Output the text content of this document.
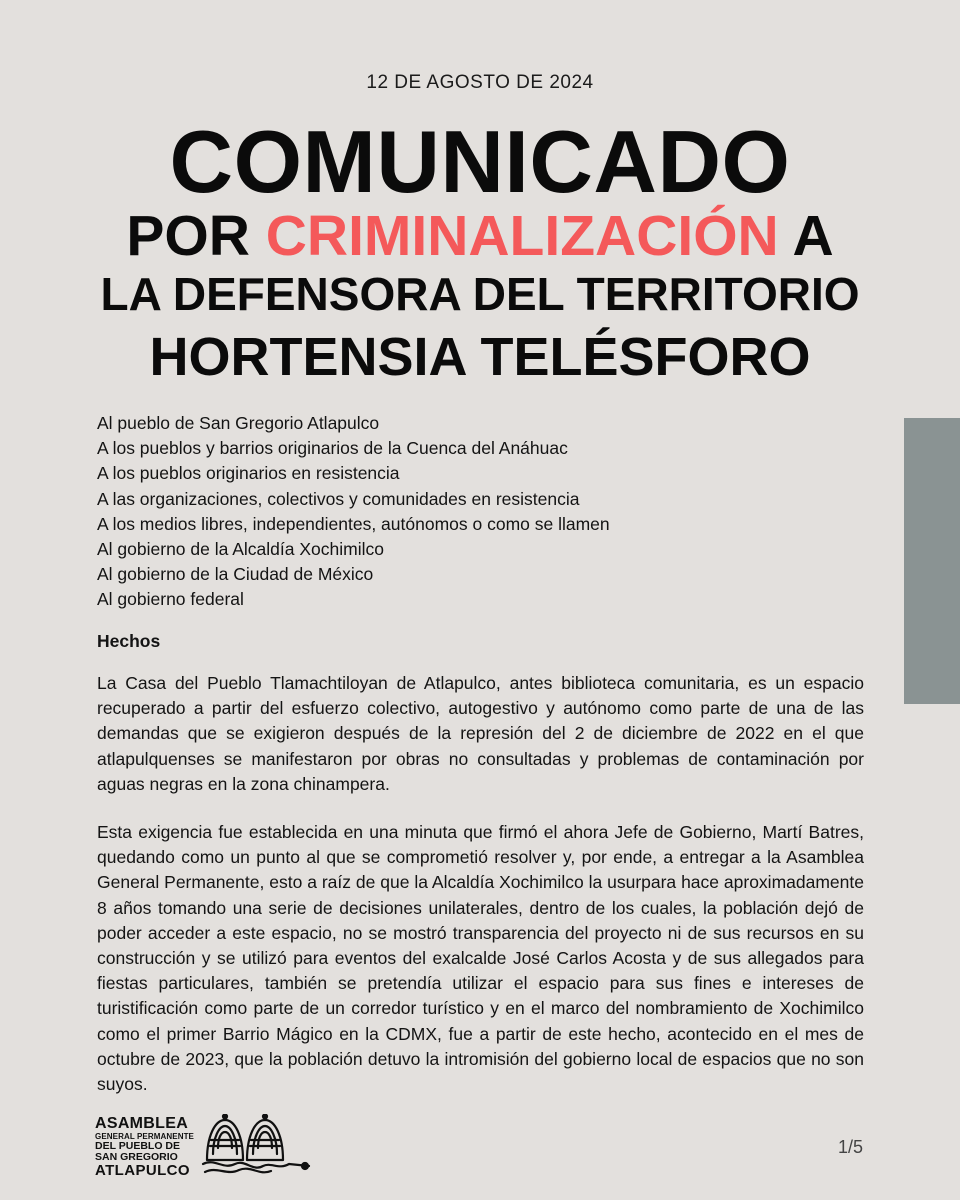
12 DE AGOSTO DE 2024
COMUNICADO
POR CRIMINALIZACIÓN A
LA DEFENSORA DEL TERRITORIO
HORTENSIA TELÉSFORO
Al pueblo de San Gregorio Atlapulco
A los pueblos y barrios originarios de la Cuenca del Anáhuac
A los pueblos originarios en resistencia
A las organizaciones, colectivos y comunidades en resistencia
A los medios libres, independientes, autónomos o como se llamen
Al gobierno de la Alcaldía Xochimilco
Al gobierno de la Ciudad de México
Al gobierno federal
Hechos

La Casa del Pueblo Tlamachtiloyan de Atlapulco, antes biblioteca comunitaria, es un espacio recuperado a partir del esfuerzo colectivo, autogestivo y autónomo como parte de una de las demandas que se exigieron después de la represión del 2 de diciembre de 2022 en el que atlapulquenses se manifestaron por obras no consultadas y problemas de contaminación por aguas negras en la zona chinampera.

Esta exigencia fue establecida en una minuta que firmó el ahora Jefe de Gobierno, Martí Batres, quedando como un punto al que se comprometió resolver y, por ende, a entregar a la Asamblea General Permanente, esto a raíz de que la Alcaldía Xochimilco la usurpara hace aproximadamente 8 años tomando una serie de decisiones unilaterales, dentro de los cuales, la población dejó de poder acceder a este espacio, no se mostró transparencia del proyecto ni de sus recursos en su construcción y se utilizó para eventos del exalcalde José Carlos Acosta y de sus allegados para fiestas particulares, también se pretendía utilizar el espacio para sus fines e intereses de turistificación como parte de un corredor turístico y en el marco del nombramiento de Xochimilco como el primer Barrio Mágico en la CDMX, fue a partir de este hecho, acontecido en el mes de octubre de 2023, que la población detuvo la intromisión del gobierno local de espacios que no son suyos.

ASAMBLEA
GENERAL PERMANENTE
DEL PUEBLO DE
SAN GREGORIO
ATLAPULCO
1/5
